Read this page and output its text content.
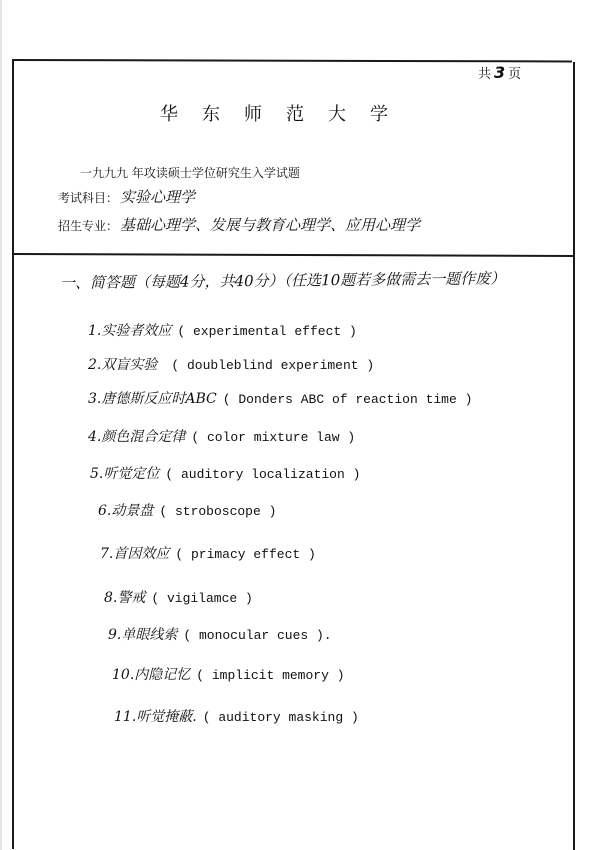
共 3 页
华东师范大学
一九九九 年攻读硕士学位研究生入学试题
考试科目： 实验心理学
招生专业： 基础心理学、发展与教育心理学、应用心理学
一、简答题（每题4分，共40分）（任选10题若多做需去一题作废）
1.实验者效应 ( experimental effect )
2.双盲实验 ( doubleblind experiment )
3.唐德斯反应时ABC ( Donders ABC of reaction time )
4.颜色混合定律 ( color mixture law )
5.听觉定位 ( auditory localization )
6.动景盘 ( stroboscope )
7.首因效应 ( primacy effect )
8.警戒 ( vigilamce )
9.单眼线索 ( monocular cues ).
10.内隐记忆 ( implicit memory )
11.听觉掩蔽. ( auditory masking )
